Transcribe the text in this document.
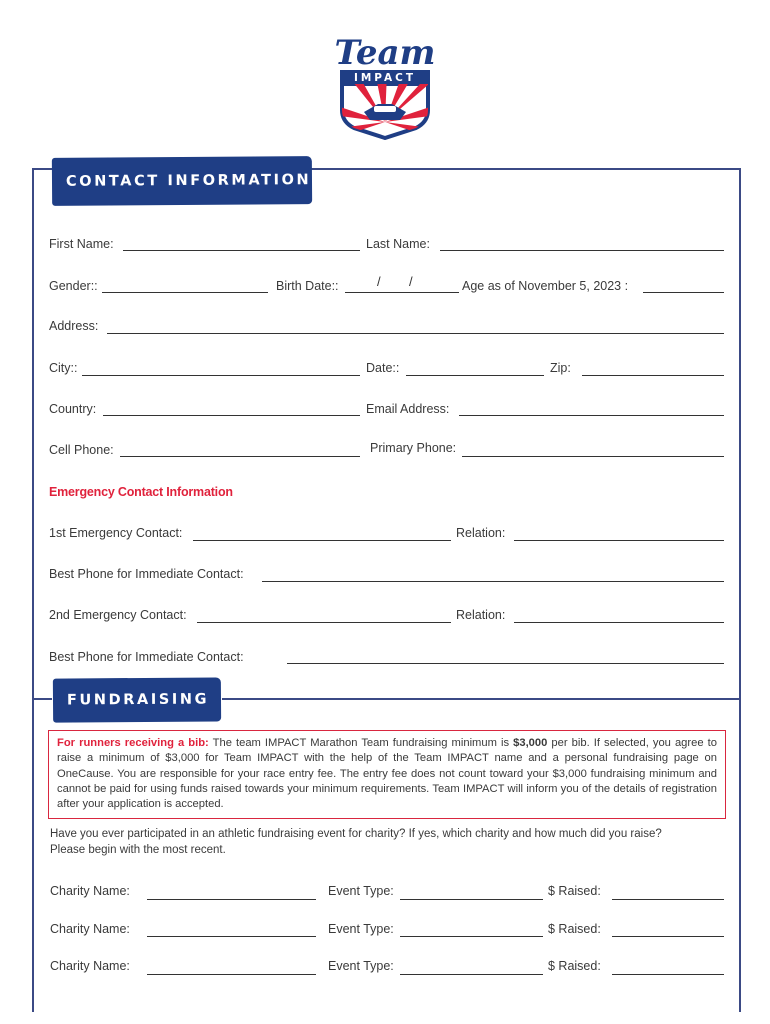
IMPACT
Team
CONTACT INFORMATION
FUNDRAISING
First Name:	Last Name:
Gender::	Birth Date::	/ /	Age as of November 5, 2023 :
Address:
City::	Date::	Zip:
Country:	Email Address:
Cell Phone:	Primary Phone:
Emergency Contact Information
1st Emergency Contact:	Relation:
Best Phone for Immediate Contact:
2nd Emergency Contact:	Relation:
Best Phone for Immediate Contact:
For runners receiving a bib: The team IMPACT Marathon Team fundraising minimum is $3,000 per bib. If selected, you agree to raise a minimum of $3,000 for Team IMPACT with the help of the Team IMPACT name and a personal fundraising page on OneCause. You are responsible for your race entry fee. The entry fee does not count toward your $3,000 fundraising minimum and cannot be paid for using funds raised towards your minimum requirements. Team IMPACT will inform you of the details of registration after your application is accepted.
Have you ever participated in an athletic fundraising event for charity? If yes, which charity and how much did you raise?
Please begin with the most recent.
Charity Name:	Event Type:	$ Raised:
Charity Name:	Event Type:	$ Raised:
Charity Name:	Event Type:	$ Raised:
